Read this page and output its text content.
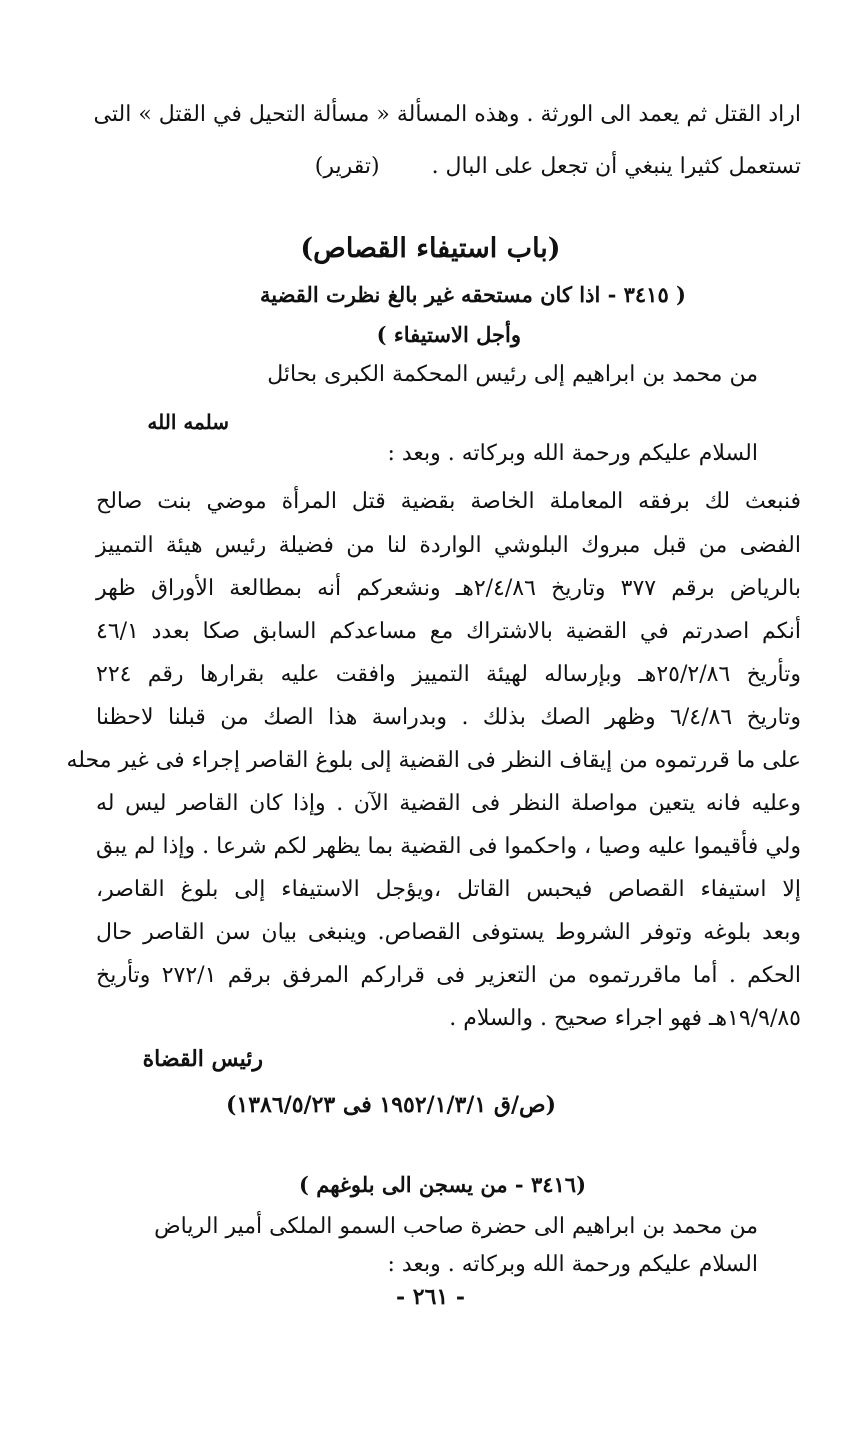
اراد القتل ثم يعمد الى الورثة . وهذه المسألة « مسألة التحيل في القتل » التى
تستعمل كثيرا ينبغي أن تجعل على البال .  (تقرير)
(باب استيفاء القصاص)
( ٣٤١٥ - اذا كان مستحقه غير بالغ نظرت القضية
وأجل الاستيفاء )
من محمد بن ابراهيم إلى رئيس المحكمة الكبرى بحائل
سلمه الله
السلام عليكم ورحمة الله وبركاته . وبعد :
فنبعث لك برفقه المعاملة الخاصة بقضية قتل المرأة موضي بنت صالح
الفضى من قبل مبروك البلوشي الواردة لنا من فضيلة رئيس هيئة التمييز
بالرياض برقم ٣٧٧ وتاريخ ٢/٤/٨٦هـ ونشعركم أنه بمطالعة الأوراق ظهر
أنكم اصدرتم في القضية بالاشتراك مع مساعدكم السابق صكا بعدد ٤٦/١
وتأريخ ٢٥/٢/٨٦هـ وبإرساله لهيئة التمييز وافقت عليه بقرارها رقم ٢٢٤
وتاريخ ٦/٤/٨٦ وظهر الصك بذلك . وبدراسة هذا الصك من قبلنا لاحظنا
على ما قررتموه من إيقاف النظر فى القضية إلى بلوغ القاصر إجراء فى غير محله
وعليه فانه يتعين مواصلة النظر فى القضية الآن . وإذا كان القاصر ليس له
ولي فأقيموا عليه وصيا ، واحكموا فى القضية بما يظهر لكم شرعا . وإذا لم يبق
إلا استيفاء القصاص فيحبس القاتل ،ويؤجل الاستيفاء إلى بلوغ القاصر،
وبعد بلوغه وتوفر الشروط يستوفى القصاص. وينبغى بيان سن القاصر حال
الحكم . أما ماقررتموه من التعزير فى قراركم المرفق برقم ٢٧٢/١ وتأريخ
١٩/٩/٨٥هـ فهو اجراء صحيح . والسلام .
رئيس القضاة
(ص/ق ١٩٥٢/١/٣/١ فى ١٣٨٦/٥/٢٣)
(٣٤١٦ - من يسجن الى بلوغهم )
من محمد بن ابراهيم الى حضرة صاحب السمو الملكى أمير الرياض
السلام عليكم ورحمة الله وبركاته . وبعد :
- ٢٦١ -
